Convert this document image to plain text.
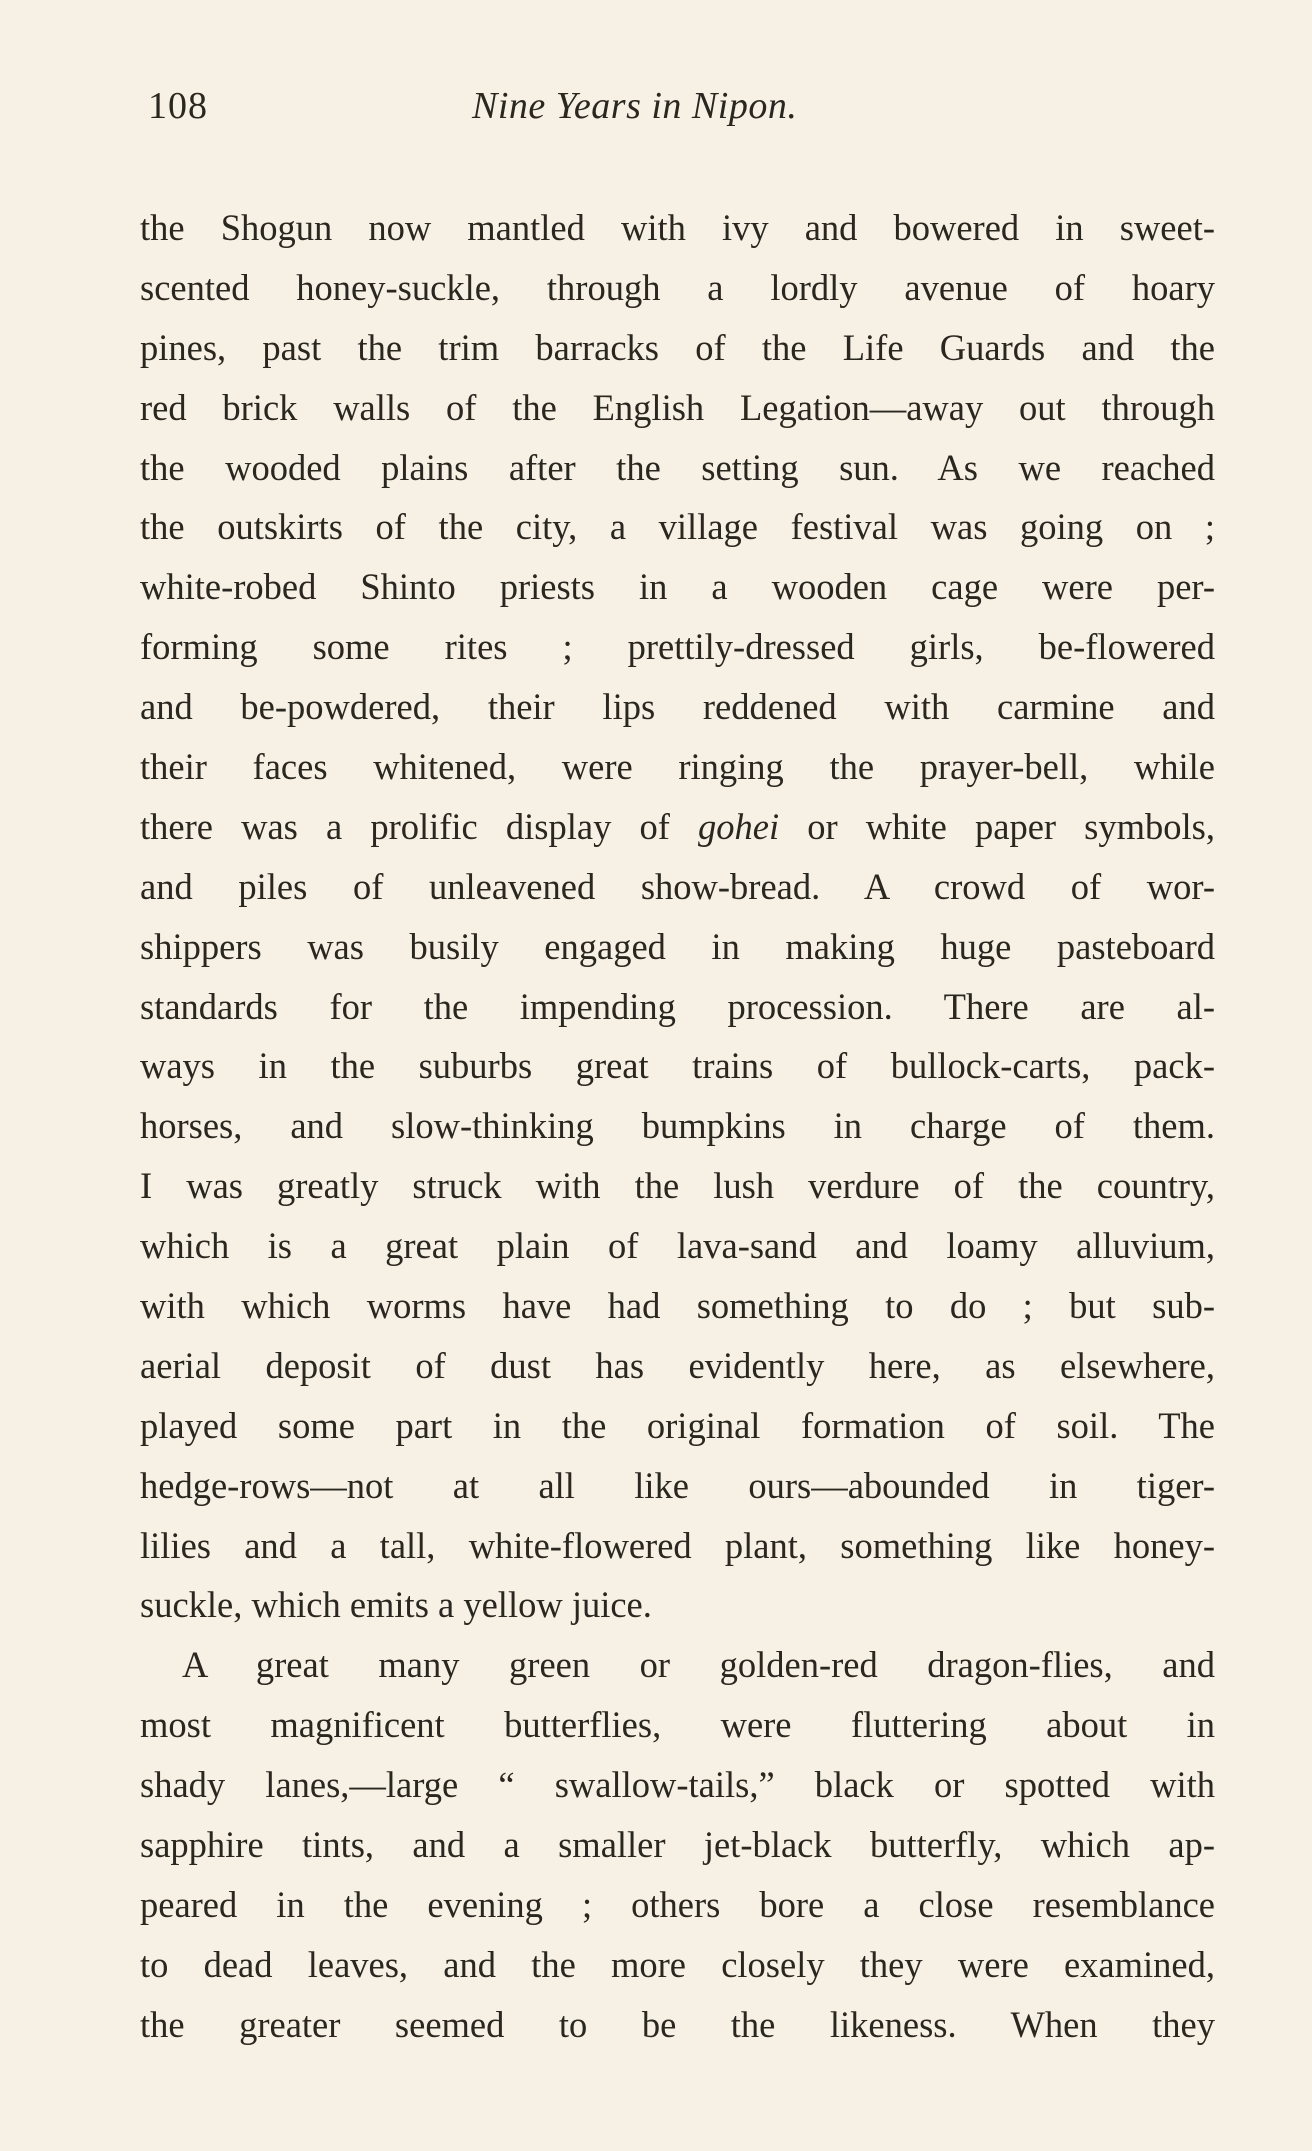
108	Nine Years in Nipon.
the Shogun now mantled with ivy and bowered in sweet-
scented honey-suckle, through a lordly avenue of hoary
pines, past the trim barracks of the Life Guards and the
red brick walls of the English Legation—away out through
the wooded plains after the setting sun. As we reached
the outskirts of the city, a village festival was going on ;
white-robed Shinto priests in a wooden cage were per-
forming some rites ; prettily-dressed girls, be-flowered
and be-powdered, their lips reddened with carmine and
their faces whitened, were ringing the prayer-bell, while
there was a prolific display of gohei or white paper symbols,
and piles of unleavened show-bread. A crowd of wor-
shippers was busily engaged in making huge pasteboard
standards for the impending procession. There are al-
ways in the suburbs great trains of bullock-carts, pack-
horses, and slow-thinking bumpkins in charge of them.
I was greatly struck with the lush verdure of the country,
which is a great plain of lava-sand and loamy alluvium,
with which worms have had something to do ; but sub-
aerial deposit of dust has evidently here, as elsewhere,
played some part in the original formation of soil. The
hedge-rows—not at all like ours—abounded in tiger-
lilies and a tall, white-flowered plant, something like honey-
suckle, which emits a yellow juice.
A great many green or golden-red dragon-flies, and
most magnificent butterflies, were fluttering about in
shady lanes,—large “ swallow-tails,” black or spotted with
sapphire tints, and a smaller jet-black butterfly, which ap-
peared in the evening ; others bore a close resemblance
to dead leaves, and the more closely they were examined,
the greater seemed to be the likeness. When they
